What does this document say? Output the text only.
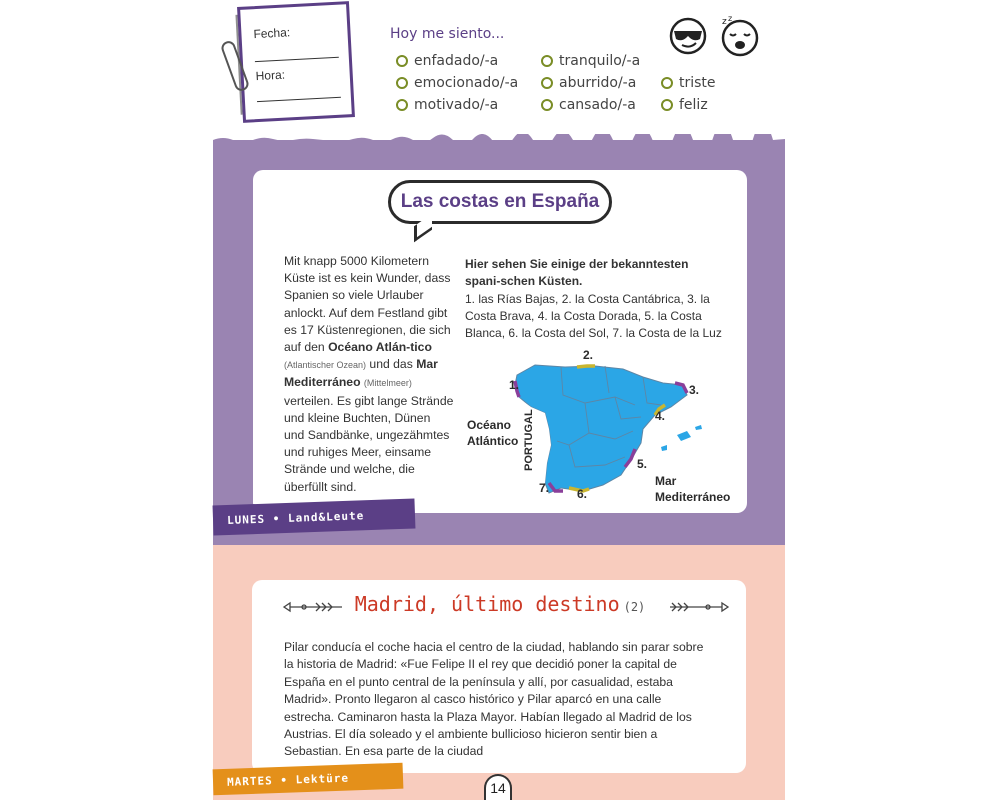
Fecha:
Hora:
Hoy me siento...
enfadado/-a	tranquilo/-a
emocionado/-a	aburrido/-a	triste
motivado/-a	cansado/-a	feliz
z z
Las costas en España
Mit knapp 5000 Kilometern Küste ist es kein Wunder, dass Spanien so viele Urlauber anlockt. Auf dem Festland gibt es 17 Küstenregionen, die sich auf den Océano Atlán-tico (Atlantischer Ozean) und das Mar Mediterráneo (Mittelmeer) verteilen. Es gibt lange Strände und kleine Buchten, Dünen und Sandbänke, ungezähmtes und ruhiges Meer, einsame Strände und welche, die überfüllt sind.
Hier sehen Sie einige der bekanntesten spani-schen Küsten.
1. las Rías Bajas, 2. la Costa Cantábrica, 3. la Costa Brava, 4. la Costa Dorada, 5. la Costa Blanca, 6. la Costa del Sol, 7. la Costa de la Luz
1.
2.
3.
4.
5.
6.
7.
PORTUGAL
Océano Atlántico
Mar Mediterráneo
LUNES • Land&Leute
Madrid, último destino (2)
Pilar conducía el coche hacia el centro de la ciudad, hablando sin parar sobre la historia de Madrid: «Fue Felipe II el rey que decidió poner la capital de España en el punto central de la península y allí, por casualidad, estaba Madrid». Pronto llegaron al casco histórico y Pilar aparcó en una calle estrecha. Caminaron hasta la Plaza Mayor. Habían llegado al Madrid de los Austrias. El día soleado y el ambiente bullicioso hicieron sentir bien a Sebastian. En esa parte de la ciudad
MARTES • Lektüre	14
